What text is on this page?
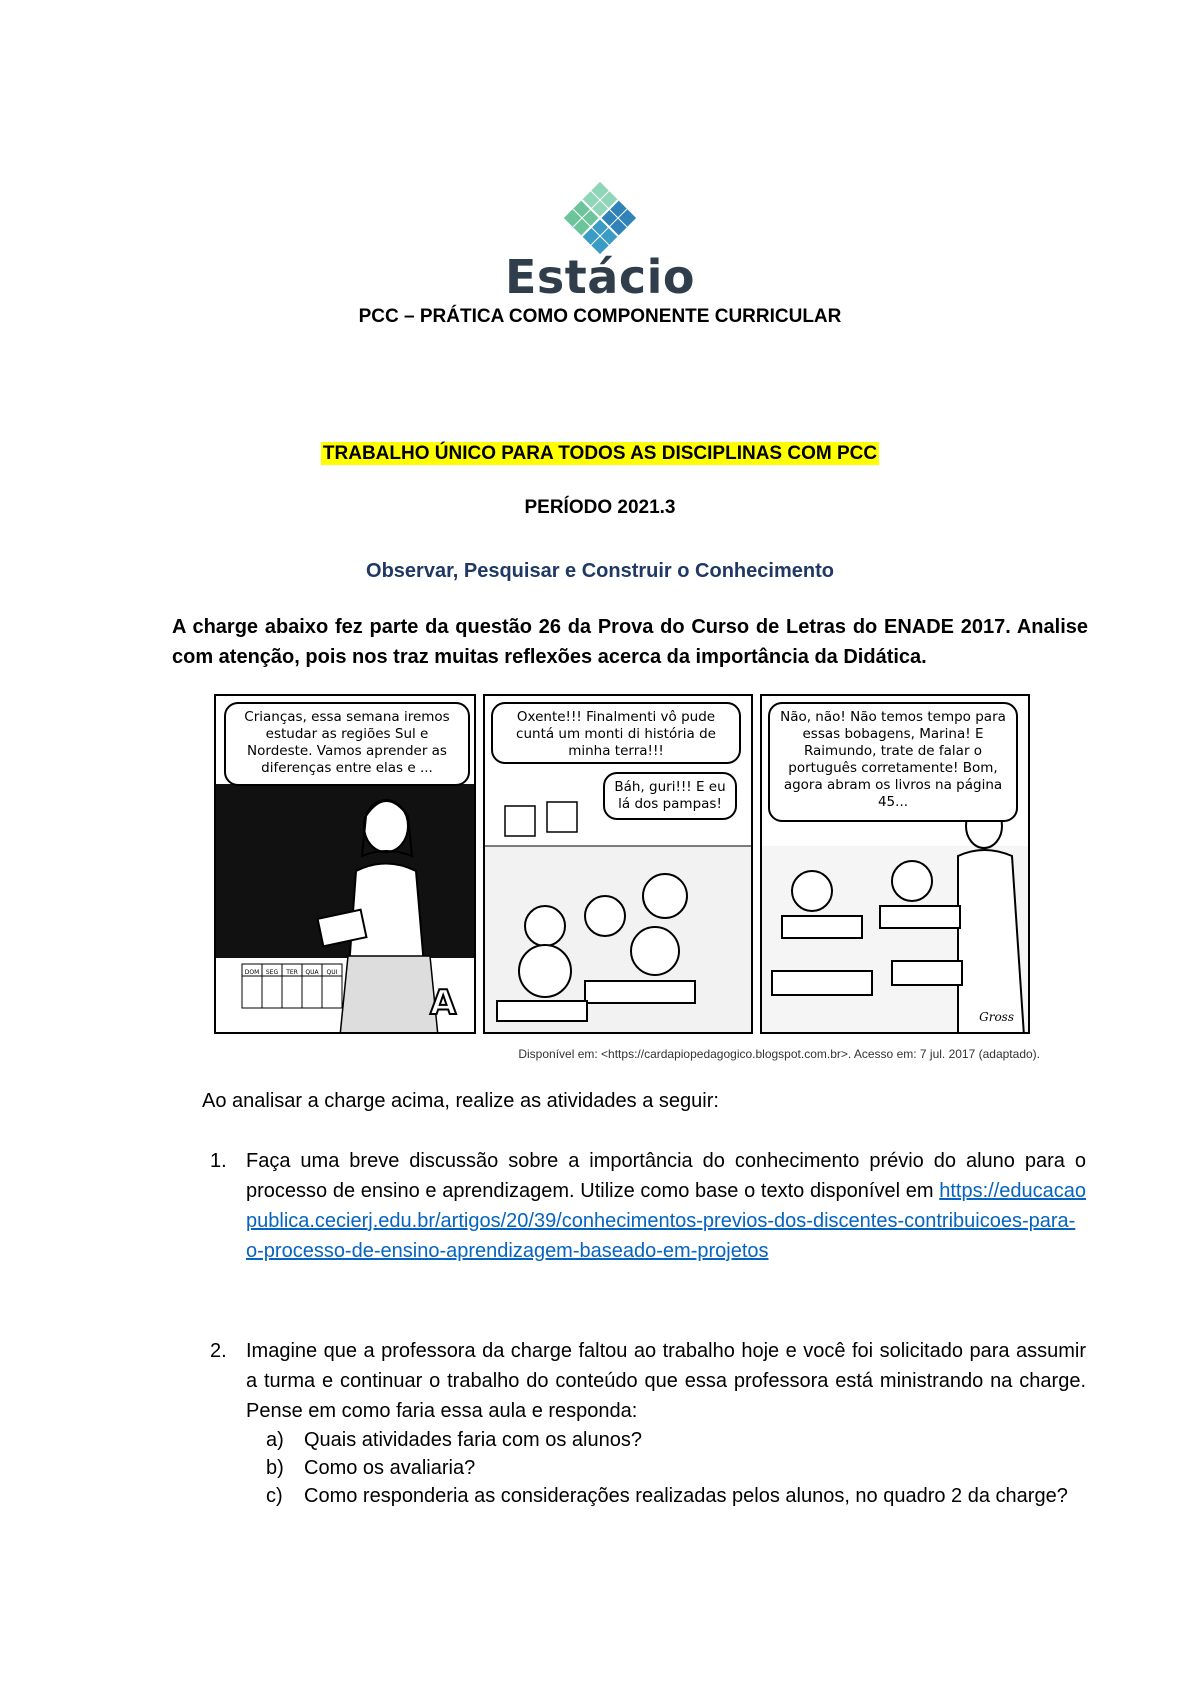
Estácio
PCC – PRÁTICA COMO COMPONENTE CURRICULAR
TRABALHO ÚNICO PARA TODOS AS DISCIPLINAS COM PCC
PERÍODO 2021.3
Observar, Pesquisar e Construir o Conhecimento
A charge abaixo fez parte da questão 26 da Prova do Curso de Letras do ENADE 2017. Analise com atenção, pois nos traz muitas reflexões acerca da importância da Didática.
DOM SEG TER QUA QUI
A
Crianças, essa semana iremos estudar as regiões Sul e Nordeste. Vamos aprender as diferenças entre elas e ...
Oxente!!! Finalmenti vô pude cuntá um monti di história de minha terra!!!
Báh, guri!!! E eu lá dos pampas!
Não, não! Não temos tempo para essas bobagens, Marina! E Raimundo, trate de falar o português corretamente! Bom, agora abram os livros na página 45...
Gross
Disponível em: <https://cardapiopedagogico.blogspot.com.br>. Acesso em: 7 jul. 2017 (adaptado).
Ao analisar a charge acima, realize as atividades a seguir:
1. Faça uma breve discussão sobre a importância do conhecimento prévio do aluno para o processo de ensino e aprendizagem. Utilize como base o texto disponível em https://educacaopublica.cecierj.edu.br/artigos/20/39/conhecimentos-previos-dos-discentes-contribuicoes-para-o-processo-de-ensino-aprendizagem-baseado-em-projetos
2. Imagine que a professora da charge faltou ao trabalho hoje e você foi solicitado para assumir a turma e continuar o trabalho do conteúdo que essa professora está ministrando na charge. Pense em como faria essa aula e responda:
a) Quais atividades faria com os alunos?
b) Como os avaliaria?
c) Como responderia as considerações realizadas pelos alunos, no quadro 2 da charge?
